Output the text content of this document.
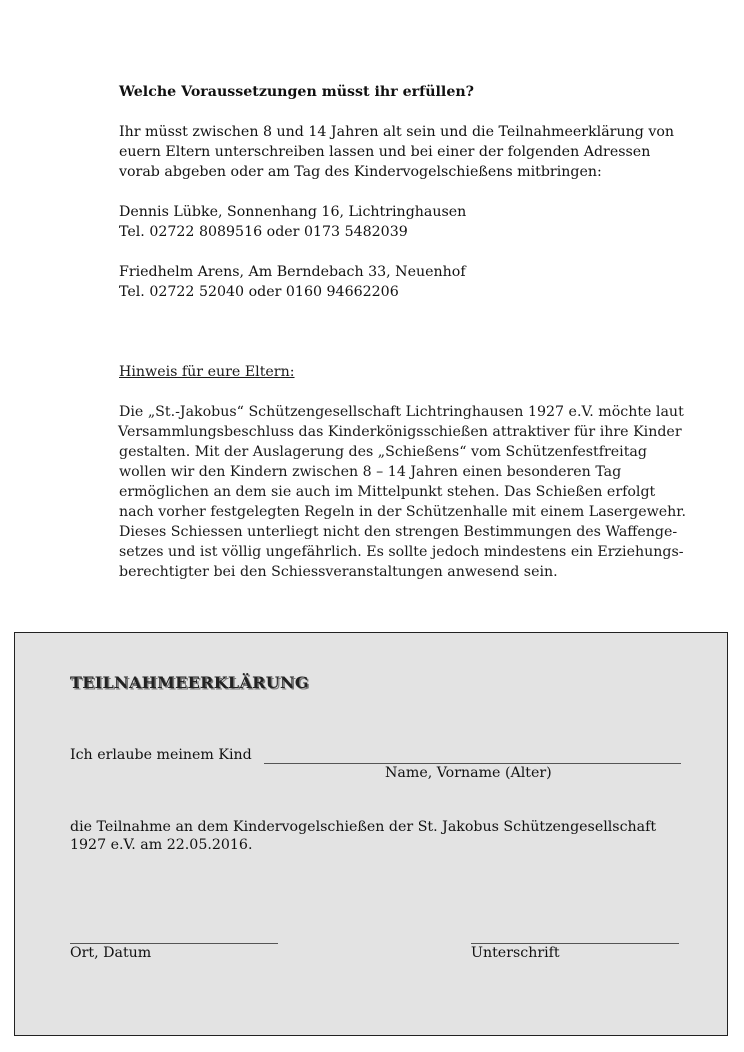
Welche Voraussetzungen müsst ihr erfüllen?
Ihr müsst zwischen 8 und 14 Jahren alt sein und die Teilnahmeerklärung von
euern Eltern unterschreiben lassen und bei einer der folgenden Adressen
vorab abgeben oder am Tag des Kindervogelschießens mitbringen:
Dennis Lübke, Sonnenhang 16, Lichtringhausen
Tel. 02722 8089516 oder 0173 5482039
Friedhelm Arens, Am Berndebach 33, Neuenhof
Tel. 02722 52040 oder 0160 94662206
Hinweis für eure Eltern:
Die „St.-Jakobus“ Schützengesellschaft Lichtringhausen 1927 e.V. möchte laut
Versammlungsbeschluss das Kinderkönigsschießen attraktiver für ihre Kinder
gestalten. Mit der Auslagerung des „Schießens“ vom Schützenfestfreitag
wollen wir den Kindern zwischen 8 – 14 Jahren einen besonderen Tag
ermöglichen an dem sie auch im Mittelpunkt stehen. Das Schießen erfolgt
nach vorher festgelegten Regeln in der Schützenhalle mit einem Lasergewehr.
Dieses Schiessen unterliegt nicht den strengen Bestimmungen des Waffenge-
setzes und ist völlig ungefährlich. Es sollte jedoch mindestens ein Erziehungs-
berechtigter bei den Schiessveranstaltungen anwesend sein.
TEILNAHMEERKLÄRUNG
Ich erlaube meinem Kind
Name, Vorname (Alter)
die Teilnahme an dem Kindervogelschießen der St. Jakobus Schützengesellschaft
1927 e.V. am 22.05.2016.
Ort, Datum	Unterschrift
